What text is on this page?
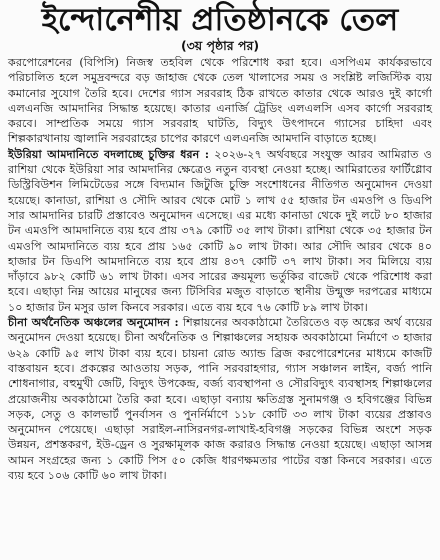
ইন্দোনেশীয় প্রতিষ্ঠানকে তেল
(৩য় পৃষ্ঠার পর)

করপোরেশনের (বিপিসি) নিজস্ব তহবিল থেকে পরিশোধ করা হবে। এসপিএম কার্যকরভাবে পরিচালিত হলে সমুদ্রবন্দরে বড় জাহাজ থেকে তেল খালাসের সময় ও সংশ্লিষ্ট লজিস্টিক ব্যয় কমানোর সুযোগ তৈরি হবে। দেশের গ্যাস সরবরাহ ঠিক রাখতে কাতার থেকে আরও দুই কার্গো এলএনজি আমদানির সিদ্ধান্ত হয়েছে। কাতার এনার্জি ট্রেডিং এলএলসি এসব কার্গো সরবরাহ করবে। সাম্প্রতিক সময়ে গ্যাস সরবরাহ ঘাটতি, বিদ্যুৎ উৎপাদনে গ্যাসের চাহিদা এবং শিল্পকারখানায় জ্বালানি সরবরাহের চাপের কারণে এলএনজি আমদানি বাড়াতে হচ্ছে।

ইউরিয়া আমদানিতে বদলাচ্ছে চুক্তির ধরন : ২০২৬-২৭ অর্থবছরে সংযুক্ত আরব আমিরাত ও রাশিয়া থেকে ইউরিয়া সার আমদানির ক্ষেত্রেও নতুন ব্যবস্থা নেওয়া হচ্ছে। আমিরাতের ফার্টিগ্লোব ডিস্ট্রিবিউশন লিমিটেডের সঙ্গে বিদ্যমান জিটুজি চুক্তি সংশোধনের নীতিগত অনুমোদন দেওয়া হয়েছে। কানাডা, রাশিয়া ও সৌদি আরব থেকে মোট ১ লাখ ৫৫ হাজার টন এমওপি ও ডিএপি সার আমদানির চারটি প্রস্তাবেও অনুমোদন এসেছে। এর মধ্যে কানাডা থেকে দুই লটে ৮০ হাজার টন এমওপি আমদানিতে ব্যয় হবে প্রায় ৩৭৯ কোটি ৩৫ লাখ টাকা। রাশিয়া থেকে ৩৫ হাজার টন এমওপি আমদানিতে ব্যয় হবে প্রায় ১৬৫ কোটি ৯০ লাখ টাকা। আর সৌদি আরব থেকে ৪০ হাজার টন ডিএপি আমদানিতে ব্যয় হবে প্রায় ৪৩৭ কোটি ৩৭ লাখ টাকা। সব মিলিয়ে ব্যয় দাঁড়াবে ৯৮২ কোটি ৬১ লাখ টাকা। এসব সারের ক্রয়মূল্য ভর্তুকির বাজেট থেকে পরিশোধ করা হবে। এছাড়া নিম্ন আয়ের মানুষের জন্য টিসিবির মজুত বাড়াতে স্থানীয় উন্মুক্ত দরপত্রের মাধ্যমে ১০ হাজার টন মসুর ডাল কিনবে সরকার। এতে ব্যয় হবে ৭৬ কোটি ৮৯ লাখ টাকা।

চীনা অর্থনৈতিক অঞ্চলের অনুমোদন : শিল্পায়নের অবকাঠামো তৈরিতেও বড় অঙ্কের অর্থ ব্যয়ের অনুমোদন দেওয়া হয়েছে। চীনা অর্থনৈতিক ও শিল্পাঞ্চলের সহায়ক অবকাঠামো নির্মাণে ৩ হাজার ৬২৯ কোটি ৯৫ লাখ টাকা ব্যয় হবে। চায়না রোড অ্যান্ড ব্রিজ করপোরেশনের মাধ্যমে কাজটি বাস্তবায়ন হবে। প্রকল্পের আওতায় সড়ক, পানি সরবরাহগার, গ্যাস সঞ্চালন লাইন, বর্জ্য পানি শোধনাগার, বহুমুখী জেটি, বিদ্যুৎ উপকেন্দ্র, বর্জ্য ব্যবস্থাপনা ও সৌরবিদ্যুৎ ব্যবস্থাসহ শিল্পাঞ্চলের প্রয়োজনীয় অবকাঠামো তৈরি করা হবে। এছাড়া বন্যায় ক্ষতিগ্রস্ত সুনামগঞ্জ ও হবিগঞ্জের বিভিন্ন সড়ক, সেতু ও কালভার্ট পুনর্বাসন ও পুনর্নির্মাণে ১১৮ কোটি ৩৩ লাখ টাকা ব্যয়ের প্রস্তাবও অনুমোদন পেয়েছে। এছাড়া সরাইল-নাসিরনগর-লাখাই-হবিগঞ্জ সড়কের বিভিন্ন অংশে সড়ক উন্নয়ন, প্রশস্তকরণ, ইউ-ড্রেন ও সুরক্ষামূলক কাজ করারও সিদ্ধান্ত নেওয়া হয়েছে। এছাড়া আসন্ন আমন সংগ্রহের জন্য ১ কোটি পিস ৫০ কেজি ধারণক্ষমতার পাটের বস্তা কিনবে সরকার। এতে ব্যয় হবে ১০৬ কোটি ৬০ লাখ টাকা।
